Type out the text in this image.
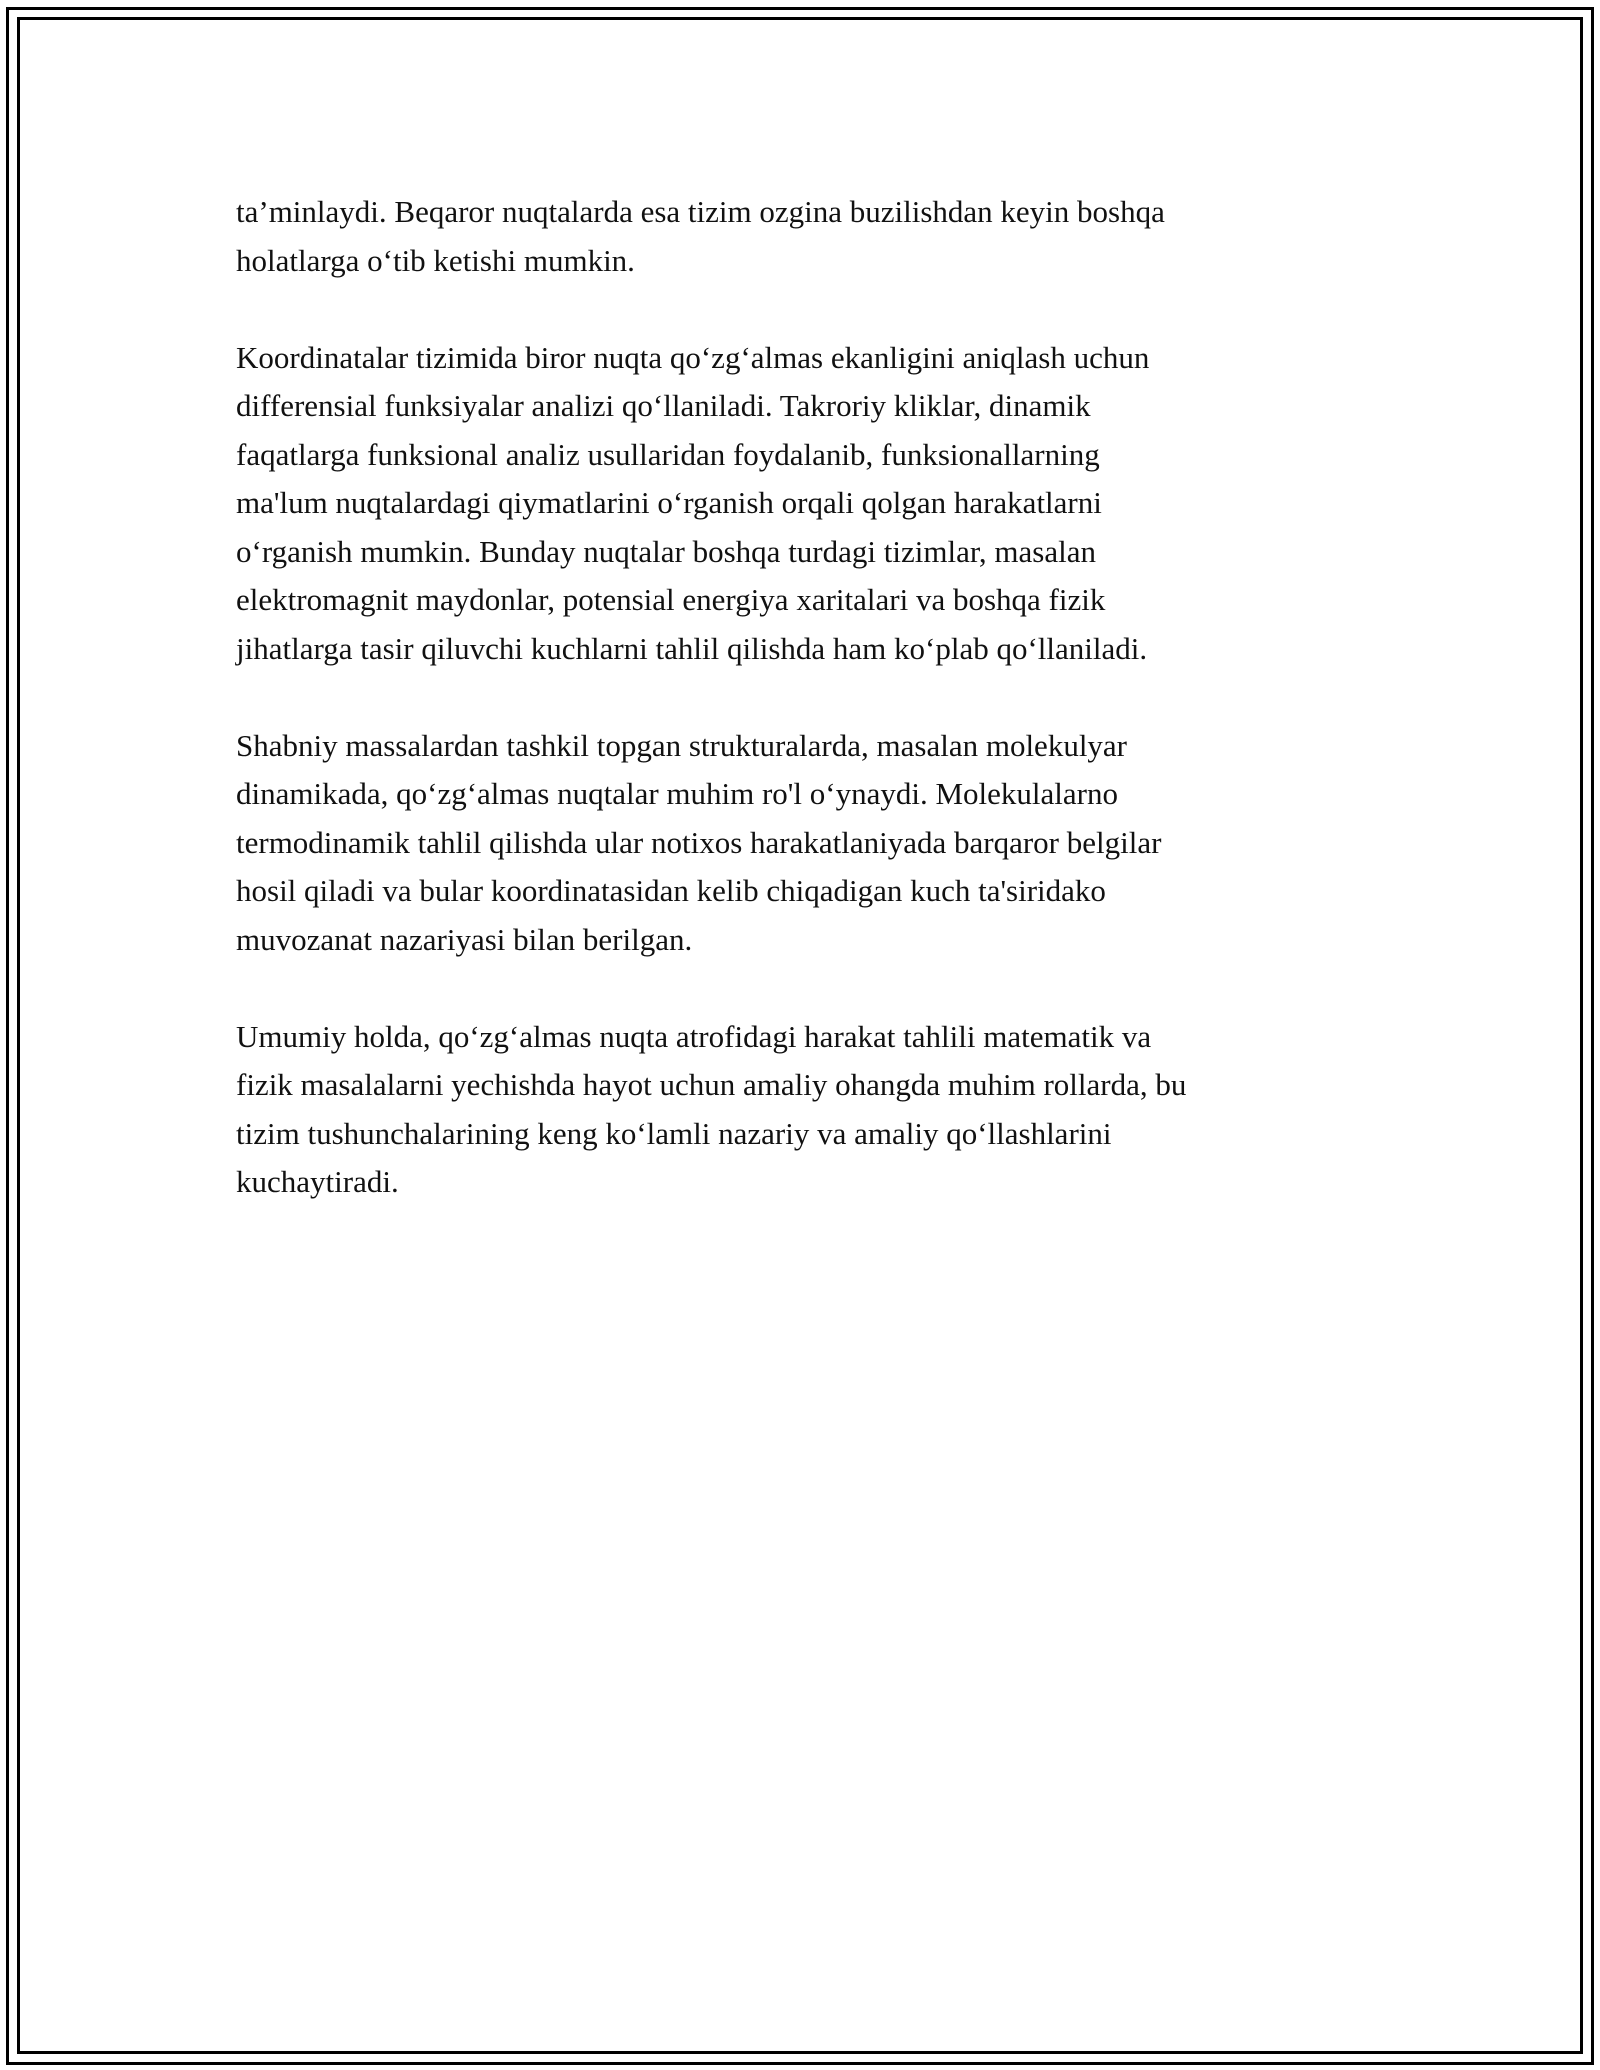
ta’minlaydi. Beqaror nuqtalarda esa tizim ozgina buzilishdan keyin boshqa
holatlarga o‘tib ketishi mumkin.

Koordinatalar tizimida biror nuqta qo‘zg‘almas ekanligini aniqlash uchun
differensial funksiyalar analizi qo‘llaniladi. Takroriy kliklar, dinamik
faqatlarga funksional analiz usullaridan foydalanib, funksionallarning
ma'lum nuqtalardagi qiymatlarini o‘rganish orqali qolgan harakatlarni
o‘rganish mumkin. Bunday nuqtalar boshqa turdagi tizimlar, masalan
elektromagnit maydonlar, potensial energiya xaritalari va boshqa fizik
jihatlarga tasir qiluvchi kuchlarni tahlil qilishda ham ko‘plab qo‘llaniladi.

Shabniy massalardan tashkil topgan strukturalarda, masalan molekulyar
dinamikada, qo‘zg‘almas nuqtalar muhim ro'l o‘ynaydi. Molekulalarno
termodinamik tahlil qilishda ular notixos harakatlaniyada barqaror belgilar
hosil qiladi va bular koordinatasidan kelib chiqadigan kuch ta'siridako
muvozanat nazariyasi bilan berilgan.

Umumiy holda, qo‘zg‘almas nuqta atrofidagi harakat tahlili matematik va
fizik masalalarni yechishda hayot uchun amaliy ohangda muhim rollarda, bu
tizim tushunchalarining keng ko‘lamli nazariy va amaliy qo‘llashlarini
kuchaytiradi.
